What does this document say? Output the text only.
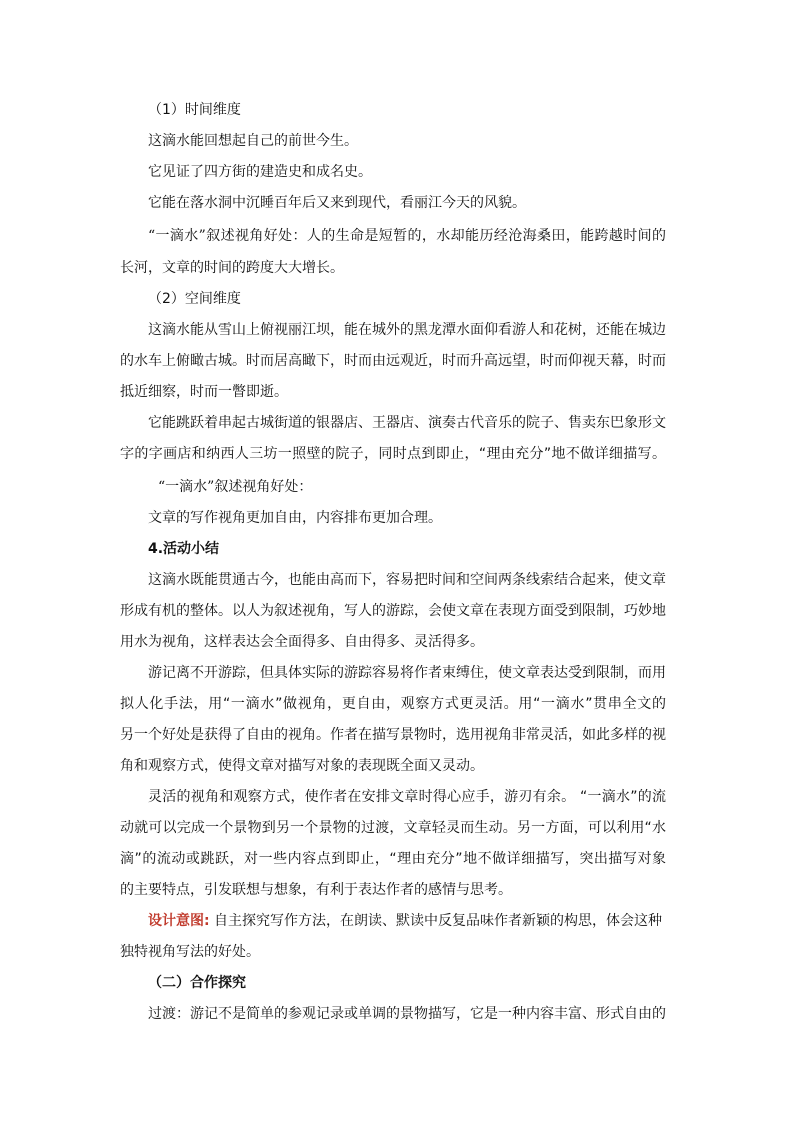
（1）时间维度
这滴水能回想起自己的前世今生。
它见证了四方街的建造史和成名史。
它能在落水洞中沉睡百年后又来到现代，看丽江今天的风貌。
“一滴水”叙述视角好处：人的生命是短暂的，水却能历经沧海桑田，能跨越时间的
长河，文章的时间的跨度大大增长。
（2）空间维度
这滴水能从雪山上俯视丽江坝，能在城外的黑龙潭水面仰看游人和花树，还能在城边
的水车上俯瞰古城。时而居高瞰下，时而由远观近，时而升高远望，时而仰视天幕，时而
抵近细察，时而一瞥即逝。
它能跳跃着串起古城街道的银器店、王器店、演奏古代音乐的院子、售卖东巴象形文
字的字画店和纳西人三坊一照壁的院子，同时点到即止，“理由充分”地不做详细描写。
“一滴水”叙述视角好处：
文章的写作视角更加自由，内容排布更加合理。
4.活动小结
这滴水既能贯通古今，也能由高而下，容易把时间和空间两条线索结合起来，使文章
形成有机的整体。以人为叙述视角，写人的游踪，会使文章在表现方面受到限制，巧妙地
用水为视角，这样表达会全面得多、自由得多、灵活得多。
游记离不开游踪，但具体实际的游踪容易将作者束缚住，使文章表达受到限制，而用
拟人化手法，用“一滴水”做视角，更自由，观察方式更灵活。用“一滴水”贯串全文的
另一个好处是获得了自由的视角。作者在描写景物时，选用视角非常灵活，如此多样的视
角和观察方式，使得文章对描写对象的表现既全面又灵动。
灵活的视角和观察方式，使作者在安排文章时得心应手，游刃有余。 “一滴水”的流
动就可以完成一个景物到另一个景物的过渡，文章轻灵而生动。另一方面，可以利用“水
滴”的流动或跳跃，对一些内容点到即止，“理由充分”地不做详细描写，突出描写对象
的主要特点，引发联想与想象，有利于表达作者的感情与思考。
设计意图: 自主探究写作方法，在朗读、默读中反复品味作者新颖的构思，体会这种
独特视角写法的好处。
（二）合作探究
过渡：游记不是简单的参观记录或单调的景物描写，它是一种内容丰富、形式自由的
